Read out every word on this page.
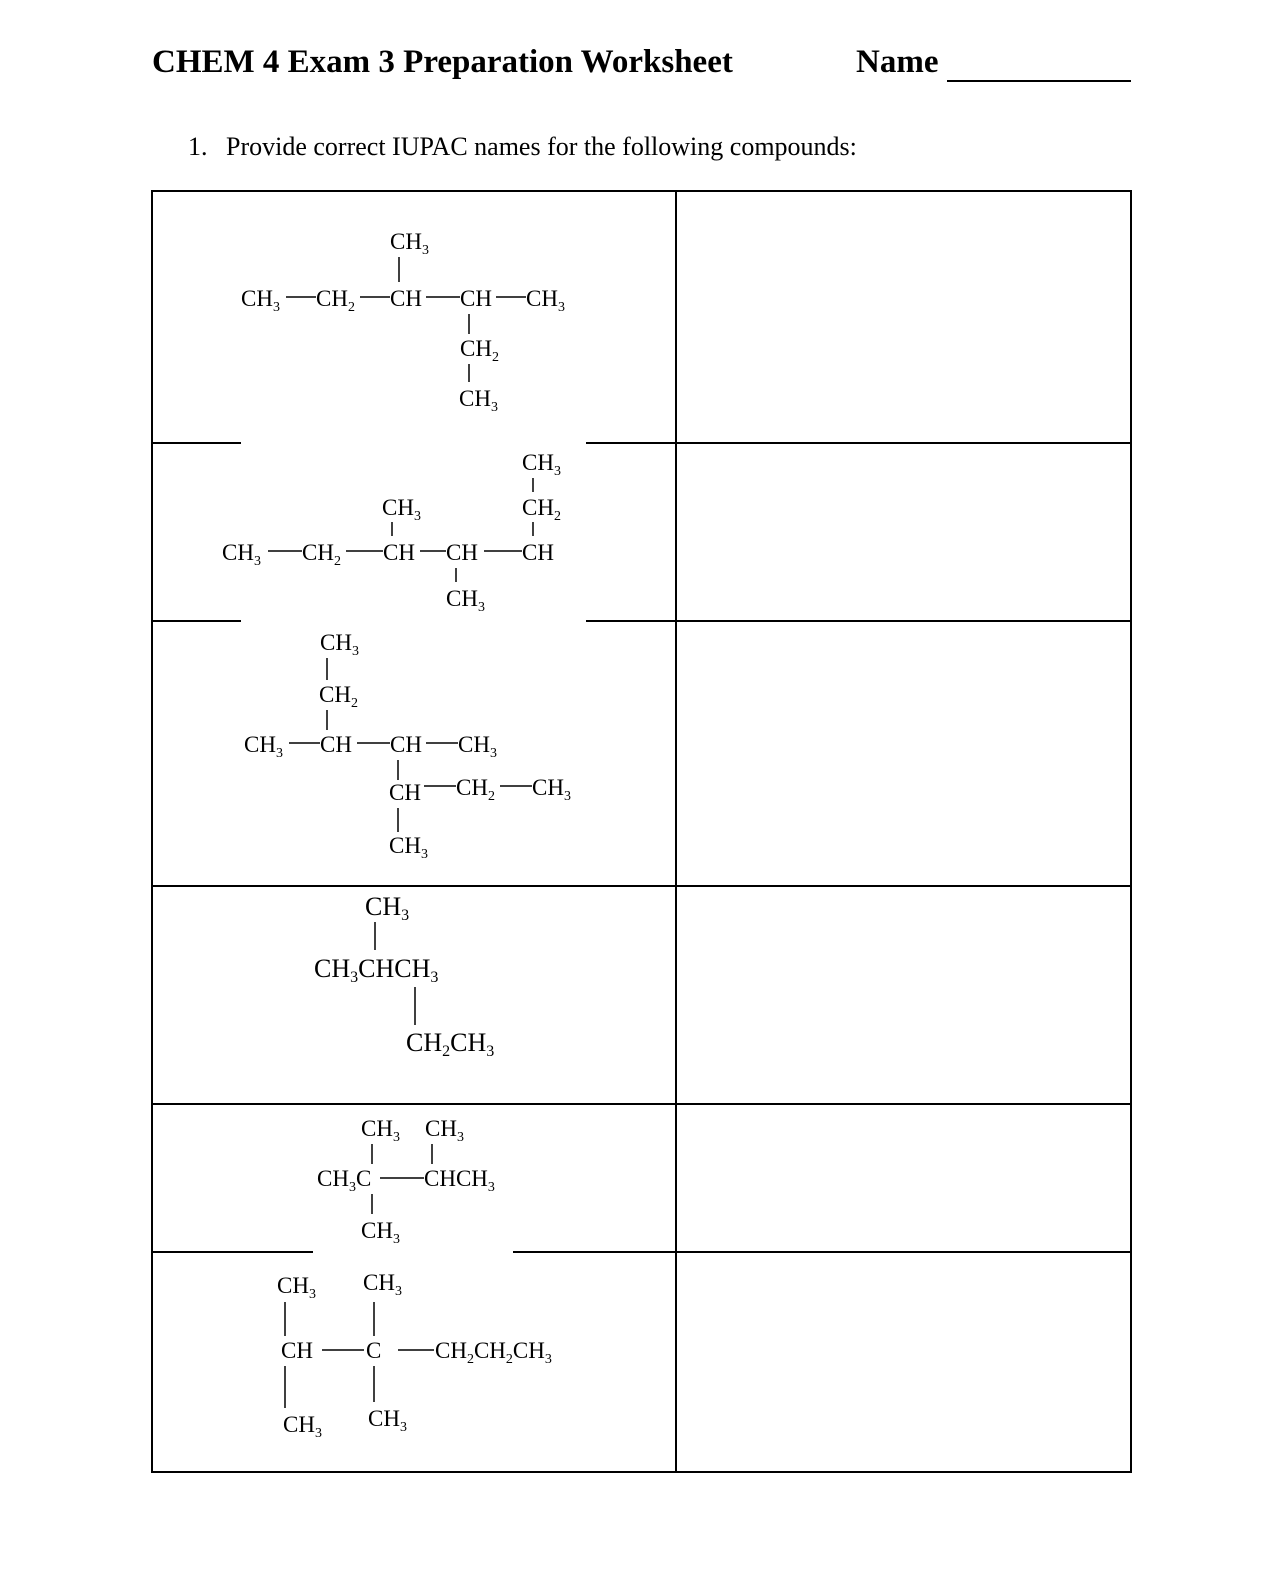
CHEM 4 Exam 3 Preparation Worksheet	Name
1. Provide correct IUPAC names for the following compounds:
$CH_3$
$CH_3$ $CH_2$ CH CH $CH_3$
$CH_2$
$CH_3$
$CH_3$
$CH_3$	$CH_2$
$CH_3$ $CH_2$ CH CH CH
$CH_3$
$CH_3$
$CH_2$
$CH_3$ CH CH $CH_3$
CH $CH_2$ $CH_3$
$CH_3$
CH3
CH3CHCH3
CH2CH3
$CH_3$ $CH_3$
$CH_3C$ $CHCH_3$
$CH_3$
$CH_3$ $CH_3$
CH C $CH_2CH_2CH_3$
$CH_3$
$CH_3$
